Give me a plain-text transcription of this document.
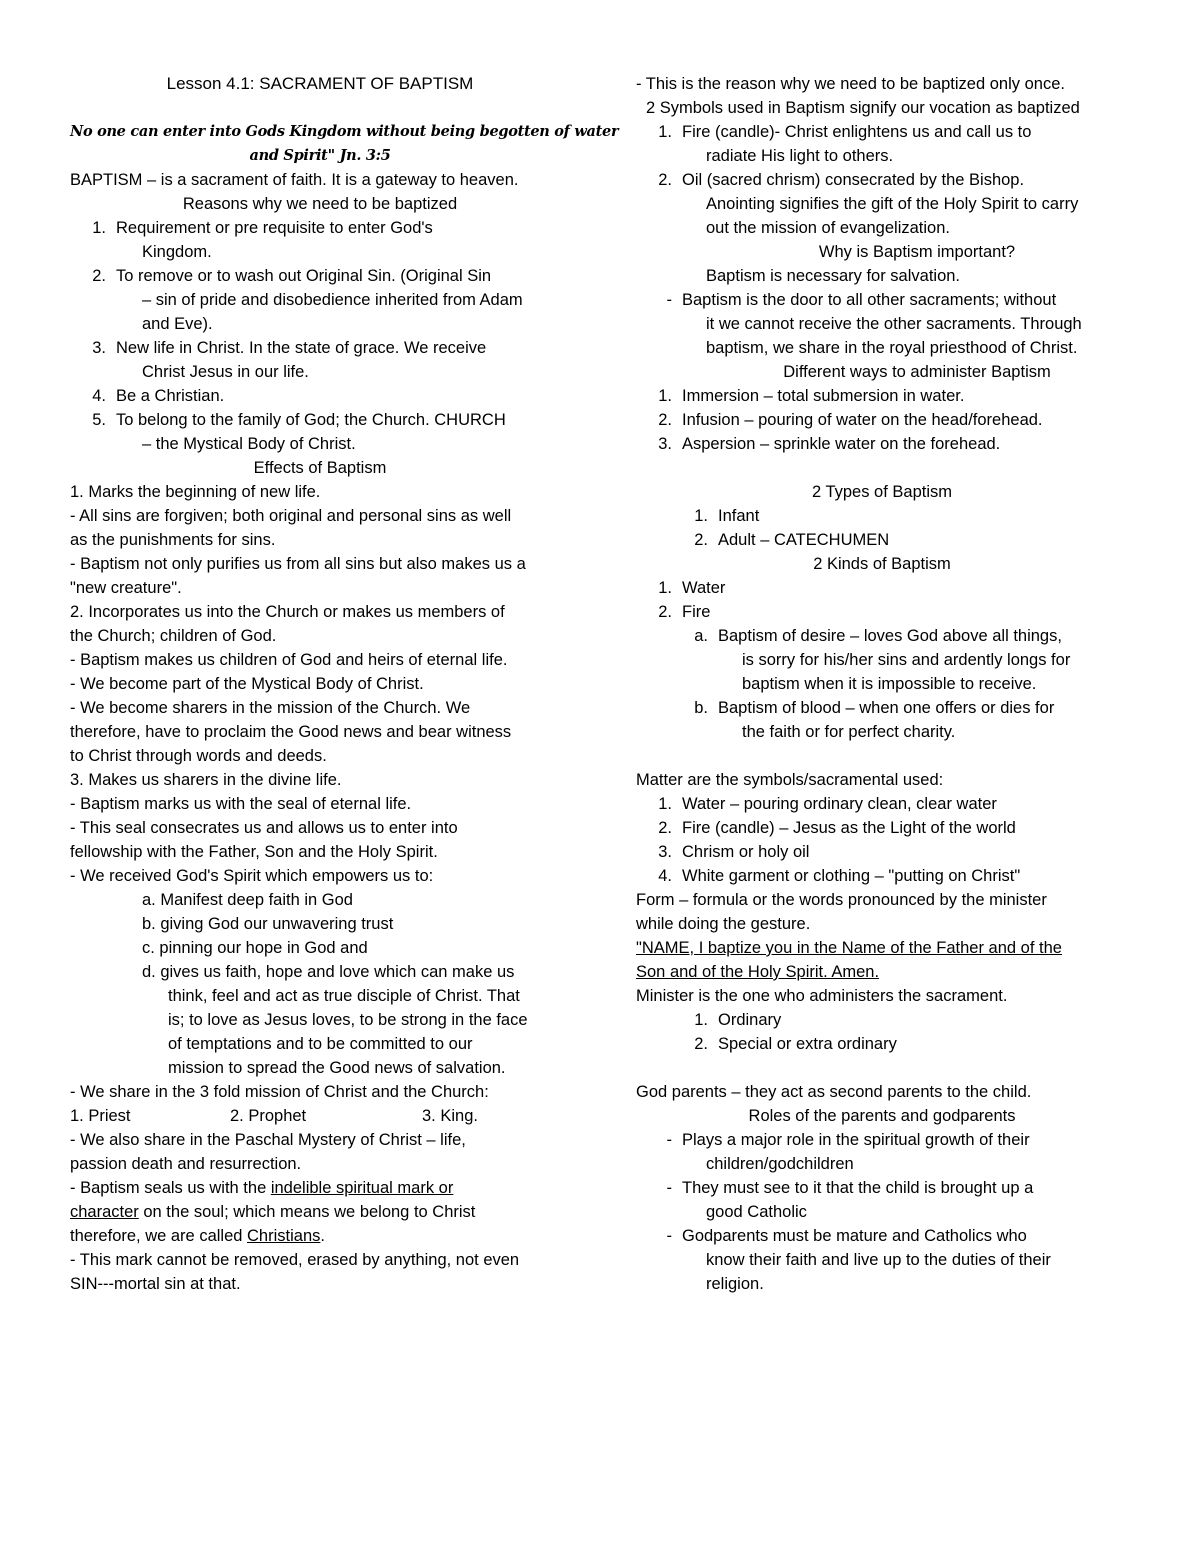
Lesson 4.1: SACRAMENT OF BAPTISM
No one can enter into Gods Kingdom without being begotten of water
and Spirit" Jn. 3:5
BAPTISM – is a sacrament of faith. It is a gateway to heaven.
Reasons why we need to be baptized
1. Requirement or pre requisite to enter God's
Kingdom.
2. To remove or to wash out Original Sin. (Original Sin
– sin of pride and disobedience inherited from Adam
and Eve).
3. New life in Christ. In the state of grace. We receive
Christ Jesus in our life.
4. Be a Christian.
5. To belong to the family of God; the Church. CHURCH
– the Mystical Body of Christ.
Effects of Baptism
1. Marks the beginning of new life.
- All sins are forgiven; both original and personal sins as well
as the punishments for sins.
- Baptism not only purifies us from all sins but also makes us a
"new creature".
2. Incorporates us into the Church or makes us members of
the Church; children of God.
- Baptism makes us children of God and heirs of eternal life.
- We become part of the Mystical Body of Christ.
- We become sharers in the mission of the Church. We
therefore, have to proclaim the Good news and bear witness
to Christ through words and deeds.
3. Makes us sharers in the divine life.
- Baptism marks us with the seal of eternal life.
- This seal consecrates us and allows us to enter into
fellowship with the Father, Son and the Holy Spirit.
- We received God's Spirit which empowers us to:
a. Manifest deep faith in God
b. giving God our unwavering trust
c. pinning our hope in God and
d. gives us faith, hope and love which can make us
think, feel and act as true disciple of Christ. That
is; to love as Jesus loves, to be strong in the face
of temptations and to be committed to our
mission to spread the Good news of salvation.
- We share in the 3 fold mission of Christ and the Church:
1. Priest	2. Prophet	3. King.
- We also share in the Paschal Mystery of Christ – life,
passion death and resurrection.
- Baptism seals us with the indelible spiritual mark or
character on the soul; which means we belong to Christ
therefore, we are called Christians.
- This mark cannot be removed, erased by anything, not even
SIN---mortal sin at that.
- This is the reason why we need to be baptized only once.
2 Symbols used in Baptism signify our vocation as baptized
1. Fire (candle)- Christ enlightens us and call us to
radiate His light to others.
2. Oil (sacred chrism) consecrated by the Bishop.
Anointing signifies the gift of the Holy Spirit to carry
out the mission of evangelization.
Why is Baptism important?
Baptism is necessary for salvation.
- Baptism is the door to all other sacraments; without
it we cannot receive the other sacraments. Through
baptism, we share in the royal priesthood of Christ.
Different ways to administer Baptism
1. Immersion – total submersion in water.
2. Infusion – pouring of water on the head/forehead.
3. Aspersion – sprinkle water on the forehead.
2 Types of Baptism
1. Infant
2. Adult – CATECHUMEN
2 Kinds of Baptism
1. Water
2. Fire
a. Baptism of desire – loves God above all things,
is sorry for his/her sins and ardently longs for
baptism when it is impossible to receive.
b. Baptism of blood – when one offers or dies for
the faith or for perfect charity.
Matter are the symbols/sacramental used:
1. Water – pouring ordinary clean, clear water
2. Fire (candle) – Jesus as the Light of the world
3. Chrism or holy oil
4. White garment or clothing – "putting on Christ"
Form – formula or the words pronounced by the minister
while doing the gesture.
"NAME, I baptize you in the Name of the Father and of the
Son and of the Holy Spirit. Amen.
Minister is the one who administers the sacrament.
1. Ordinary
2. Special or extra ordinary
God parents – they act as second parents to the child.
Roles of the parents and godparents
- Plays a major role in the spiritual growth of their
children/godchildren
- They must see to it that the child is brought up a
good Catholic
- Godparents must be mature and Catholics who
know their faith and live up to the duties of their
religion.
